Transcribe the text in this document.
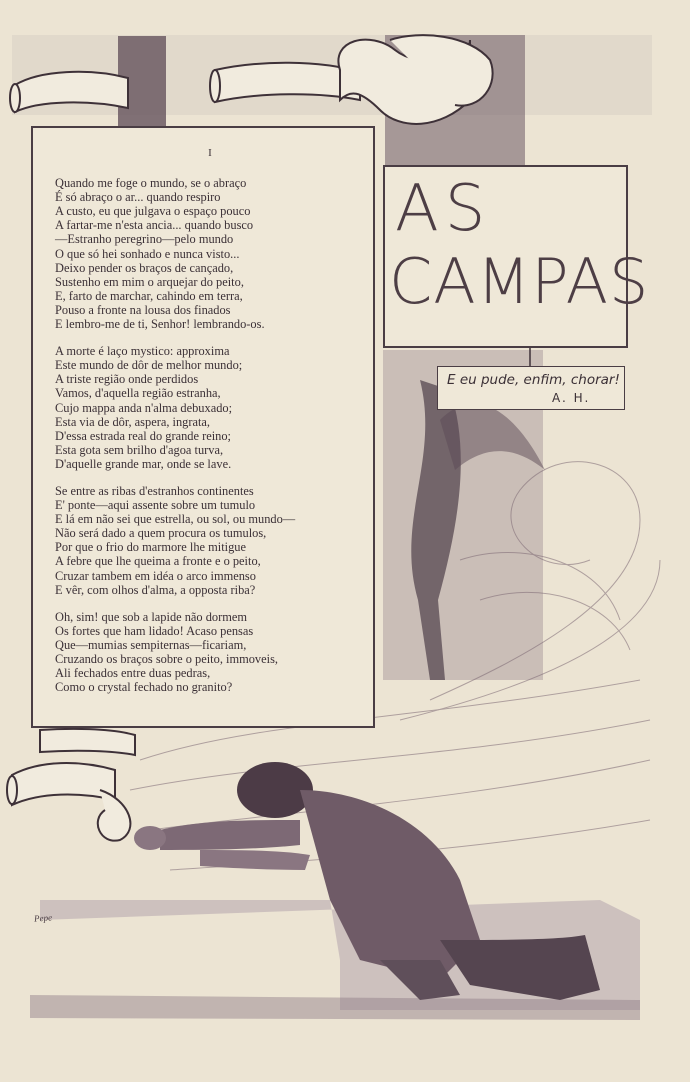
I
Quando me foge o mundo, se o abraço
É só abraço o ar... quando respiro
A custo, eu que julgava o espaço pouco
A fartar-me n'esta ancia... quando busco
—Estranho peregrino—pelo mundo
O que só hei sonhado e nunca visto...
Deixo pender os braços de cançado,
Sustenho em mim o arquejar do peito,
E, farto de marchar, cahindo em terra,
Pouso a fronte na lousa dos finados
E lembro-me de ti, Senhor! lembrando-os.
A morte é laço mystico: approxima
Este mundo de dôr de melhor mundo;
A triste região onde perdidos
Vamos, d'aquella região estranha,
Cujo mappa anda n'alma debuxado;
Esta via de dôr, aspera, ingrata,
D'essa estrada real do grande reino;
Esta gota sem brilho d'agoa turva,
D'aquelle grande mar, onde se lave.
Se entre as ribas d'estranhos continentes
E' ponte—aqui assente sobre um tumulo
E lá em não sei que estrella, ou sol, ou mundo—
Não será dado a quem procura os tumulos,
Por que o frio do marmore lhe mitigue
A febre que lhe queima a fronte e o peito,
Cruzar tambem em idéa o arco immenso
E vêr, com olhos d'alma, a opposta riba?
Oh, sim! que sob a lapide não dormem
Os fortes que ham lidado! Acaso pensas
Que—mumias sempiternas—ficariam,
Cruzando os braços sobre o peito, immoveis,
Ali fechados entre duas pedras,
Como o crystal fechado no granito?
AS
CAMPAS
E eu pude, enfim, chorar!
A. H.
Pepe
